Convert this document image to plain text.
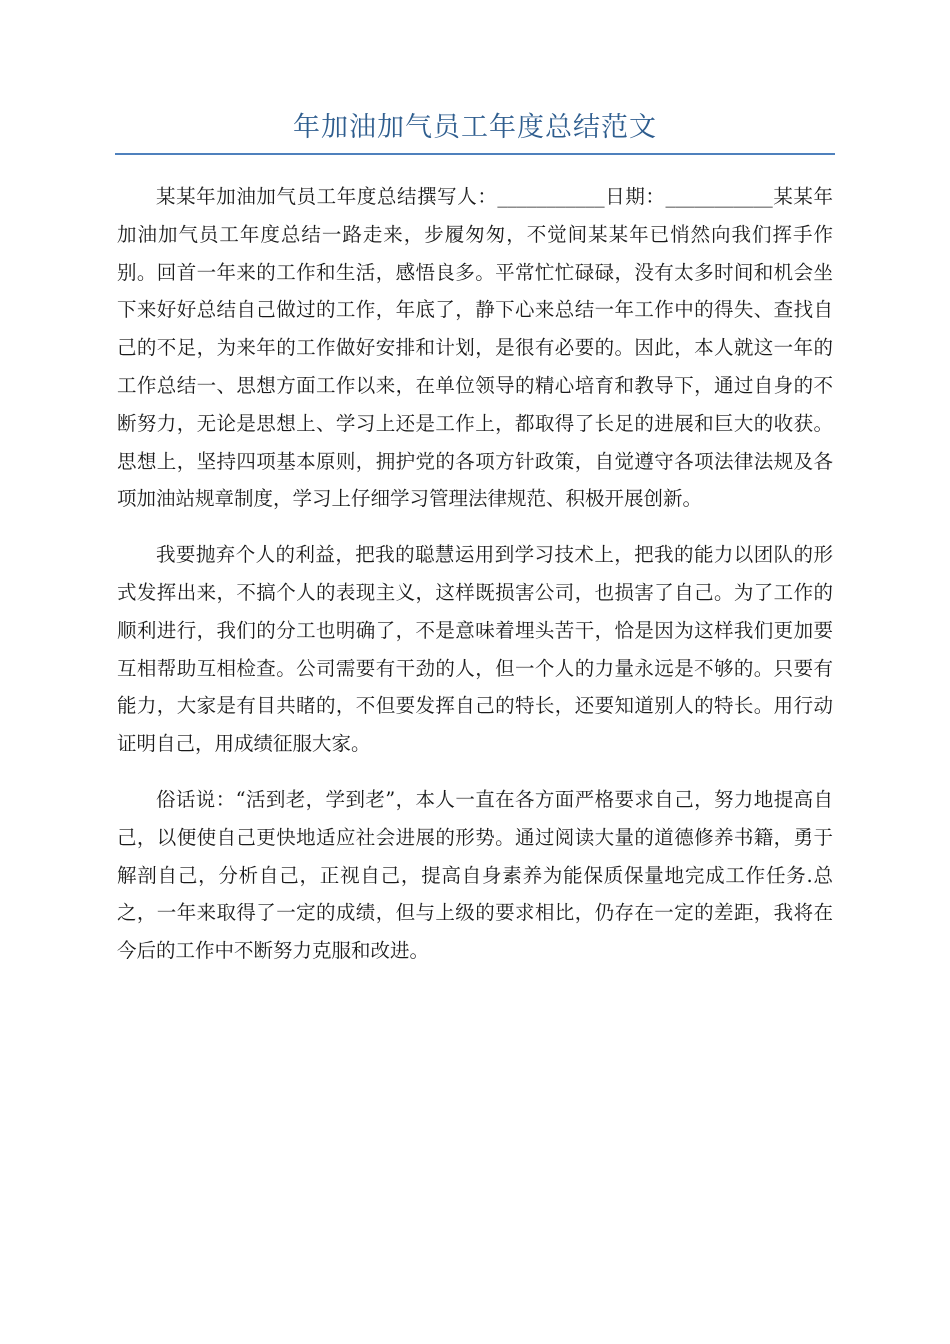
年加油加气员工年度总结范文

某某年加油加气员工年度总结撰写人：___________日期：___________某某年加油加气员工年度总结一路走来，步履匆匆，不觉间某某年已悄然向我们挥手作别。回首一年来的工作和生活，感悟良多。平常忙忙碌碌，没有太多时间和机会坐下来好好总结自己做过的工作，年底了，静下心来总结一年工作中的得失、查找自己的不足，为来年的工作做好安排和计划，是很有必要的。因此，本人就这一年的工作总结一、思想方面工作以来，在单位领导的精心培育和教导下，通过自身的不断努力，无论是思想上、学习上还是工作上，都取得了长足的进展和巨大的收获。思想上，坚持四项基本原则，拥护党的各项方针政策，自觉遵守各项法律法规及各项加油站规章制度，学习上仔细学习管理法律规范、积极开展创新。

我要抛弃个人的利益，把我的聪慧运用到学习技术上，把我的能力以团队的形式发挥出来，不搞个人的表现主义，这样既损害公司，也损害了自己。为了工作的顺利进行，我们的分工也明确了，不是意味着埋头苦干，恰是因为这样我们更加要互相帮助互相检查。公司需要有干劲的人，但一个人的力量永远是不够的。只要有能力，大家是有目共睹的，不但要发挥自己的特长，还要知道别人的特长。用行动证明自己，用成绩征服大家。

俗话说：“活到老，学到老”，本人一直在各方面严格要求自己，努力地提高自己，以便使自己更快地适应社会进展的形势。通过阅读大量的道德修养书籍，勇于解剖自己，分析自己，正视自己，提高自身素养为能保质保量地完成工作任务.总之，一年来取得了一定的成绩，但与上级的要求相比，仍存在一定的差距，我将在今后的工作中不断努力克服和改进。
